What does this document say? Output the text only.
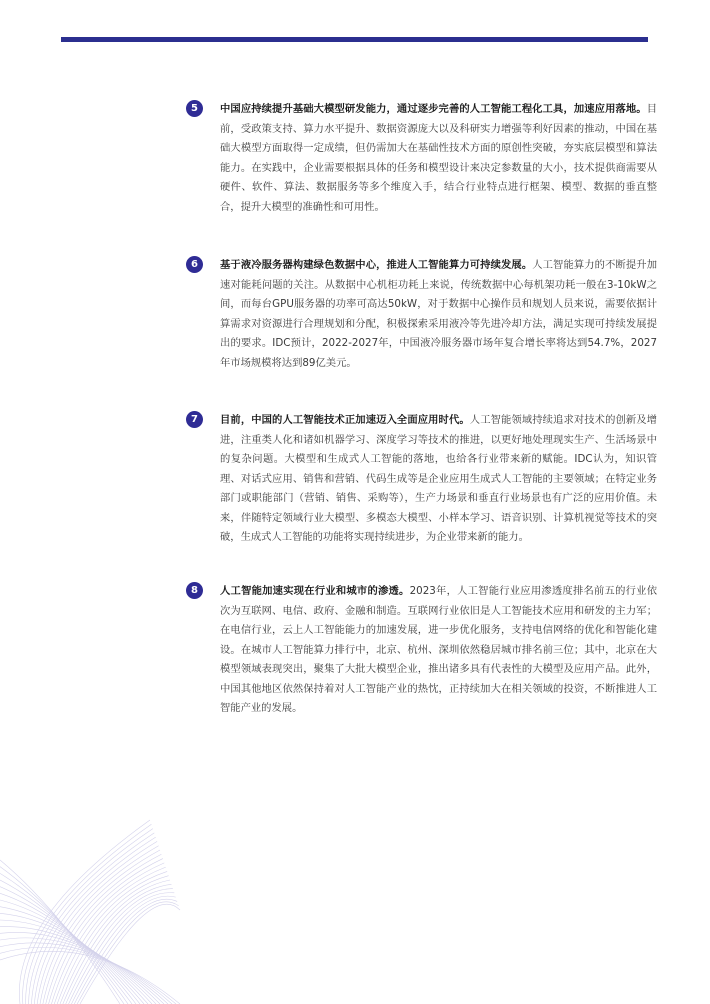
5	中国应持续提升基础大模型研发能力，通过逐步完善的人工智能工程化工具，加速应用落地。目前，受政策支持、算力水平提升、数据资源庞大以及科研实力增强等利好因素的推动，中国在基础大模型方面取得一定成绩，但仍需加大在基础性技术方面的原创性突破，夯实底层模型和算法能力。在实践中，企业需要根据具体的任务和模型设计来决定参数量的大小，技术提供商需要从硬件、软件、算法、数据服务等多个维度入手，结合行业特点进行框架、模型、数据的垂直整合，提升大模型的准确性和可用性。
6	基于液冷服务器构建绿色数据中心，推进人工智能算力可持续发展。人工智能算力的不断提升加速对能耗问题的关注。从数据中心机柜功耗上来说，传统数据中心每机架功耗一般在3-10kW之间，而每台GPU服务器的功率可高达50kW，对于数据中心操作员和规划人员来说，需要依据计算需求对资源进行合理规划和分配，积极探索采用液冷等先进冷却方法，满足实现可持续发展提出的要求。IDC预计，2022-2027年，中国液冷服务器市场年复合增长率将达到54.7%，2027年市场规模将达到89亿美元。
7	目前，中国的人工智能技术正加速迈入全面应用时代。人工智能领域持续追求对技术的创新及增进，注重类人化和诸如机器学习、深度学习等技术的推进，以更好地处理现实生产、生活场景中的复杂问题。大模型和生成式人工智能的落地，也给各行业带来新的赋能。IDC认为，知识管理、对话式应用、销售和营销、代码生成等是企业应用生成式人工智能的主要领域；在特定业务部门或职能部门（营销、销售、采购等），生产力场景和垂直行业场景也有广泛的应用价值。未来，伴随特定领域行业大模型、多模态大模型、小样本学习、语音识别、计算机视觉等技术的突破，生成式人工智能的功能将实现持续进步，为企业带来新的能力。
8	人工智能加速实现在行业和城市的渗透。2023年，人工智能行业应用渗透度排名前五的行业依次为互联网、电信、政府、金融和制造。互联网行业依旧是人工智能技术应用和研发的主力军；在电信行业，云上人工智能能力的加速发展，进一步优化服务，支持电信网络的优化和智能化建设。在城市人工智能算力排行中，北京、杭州、深圳依然稳居城市排名前三位；其中，北京在大模型领域表现突出，聚集了大批大模型企业，推出诸多具有代表性的大模型及应用产品。此外，中国其他地区依然保持着对人工智能产业的热忱，正持续加大在相关领域的投资，不断推进人工智能产业的发展。
